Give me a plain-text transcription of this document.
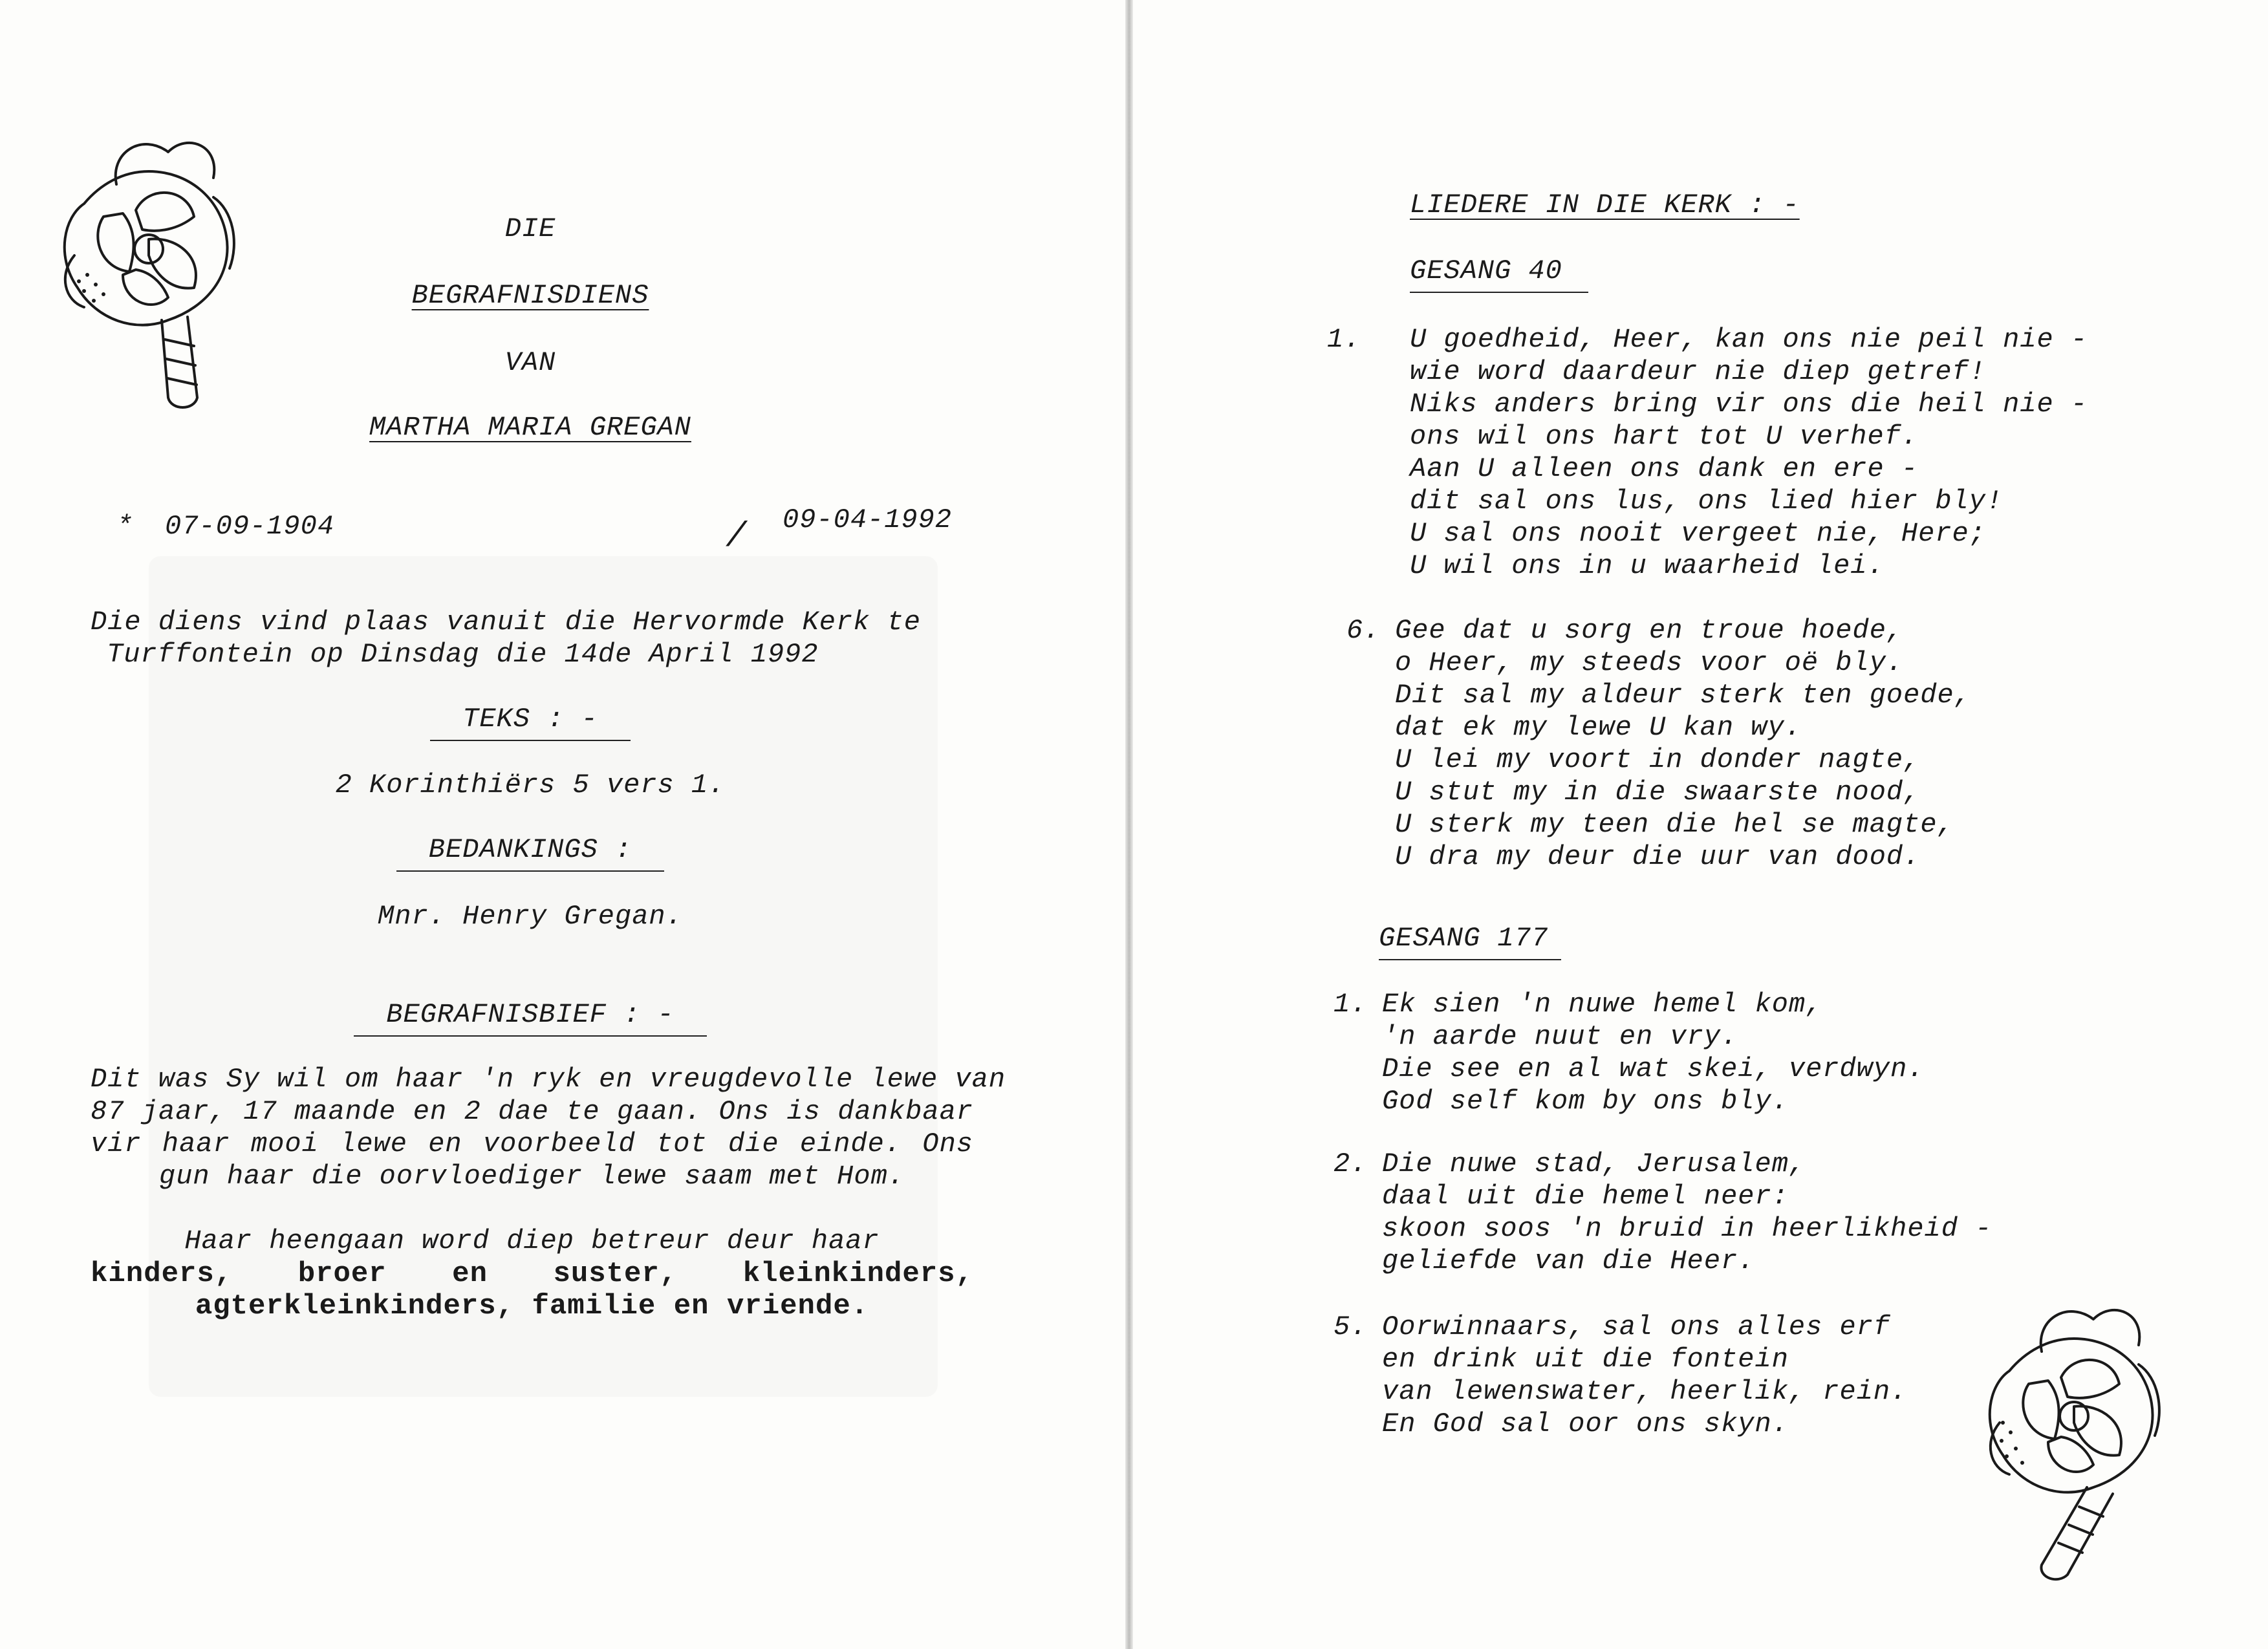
DIE

BEGRAFNISDIENS

VAN

MARTHA MARIA GREGAN

* 07-09-1904	/ 09-04-1992

Die diens vind plaas vanuit die Hervormde Kerk te

Turffontein op Dinsdag die 14de April 1992

TEKS : -

2 Korinthiërs 5 vers 1.

BEDANKINGS :

Mnr. Henry Gregan.

BEGRAFNISBIEF : -

Dit was Sy wil om haar 'n ryk en vreugdevolle lewe van

87 jaar, 17 maande en 2 dae te gaan. Ons is dankbaar

vir haar mooi lewe en voorbeeld tot die einde. Ons

gun haar die oorvloediger lewe saam met Hom.

Haar heengaan word diep betreur deur haar

kinders, broer en suster, kleinkinders,

agterkleinkinders, familie en vriende.

LIEDERE IN DIE KERK : -

GESANG 40

1. U goedheid, Heer, kan ons nie peil nie -
wie word daardeur nie diep getref!
Niks anders bring vir ons die heil nie -
ons wil ons hart tot U verhef.
Aan U alleen ons dank en ere -
dit sal ons lus, ons lied hier bly!
U sal ons nooit vergeet nie, Here;
U wil ons in u waarheid lei.
6. Gee dat u sorg en troue hoede,
o Heer, my steeds voor oë bly.
Dit sal my aldeur sterk ten goede,
dat ek my lewe U kan wy.
U lei my voort in donder nagte,
U stut my in die swaarste nood,
U sterk my teen die hel se magte,
U dra my deur die uur van dood.

GESANG 177

1. Ek sien 'n nuwe hemel kom,
'n aarde nuut en vry.
Die see en al wat skei, verdwyn.
God self kom by ons bly.
2. Die nuwe stad, Jerusalem,
daal uit die hemel neer:
skoon soos 'n bruid in heerlikheid -
geliefde van die Heer.
5. Oorwinnaars, sal ons alles erf
en drink uit die fontein
van lewenswater, heerlik, rein.
En God sal oor ons skyn.
